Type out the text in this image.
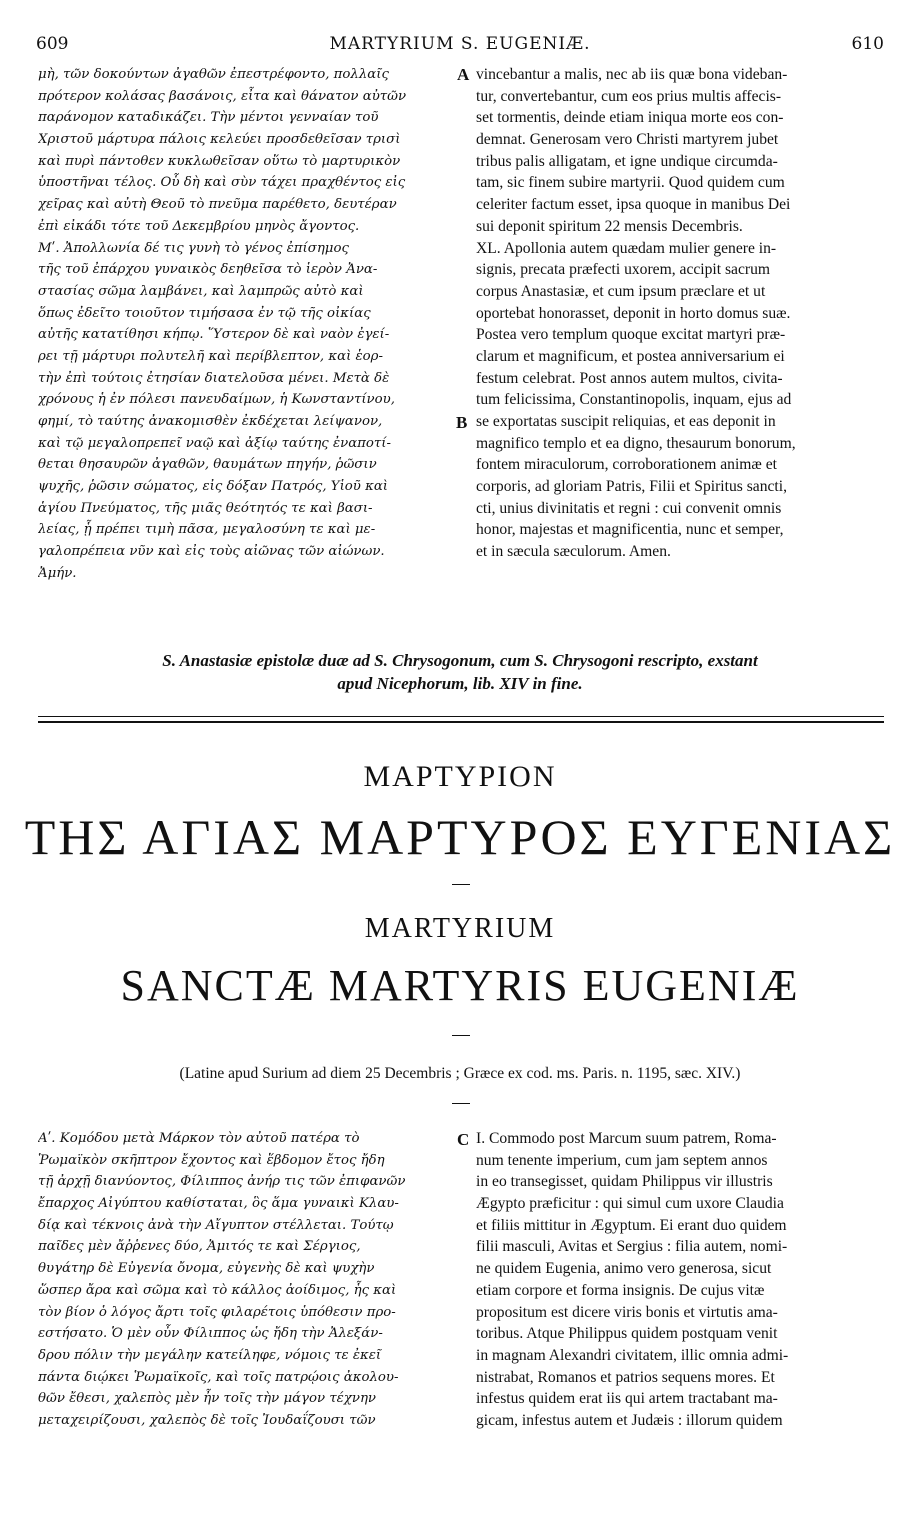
609	MARTYRIUM S. EUGENIÆ.	610
μὴ, τῶν δοκούντων ἀγαθῶν ἐπεστρέφοντο, πολλαῖς
πρότερον κολάσας βασάνοις, εἶτα καὶ θάνατον αὐτῶν
παράνομον καταδικάζει. Τὴν μέντοι γενναίαν τοῦ
Χριστοῦ μάρτυρα πάλοις κελεύει προσδεθεῖσαν τρισὶ
καὶ πυρὶ πάντοθεν κυκλωθεῖσαν οὕτω τὸ μαρτυρικὸν
ὑποστῆναι τέλος. Οὗ δὴ καὶ σὺν τάχει πραχθέντος εἰς
χεῖρας καὶ αὐτὴ Θεοῦ τὸ πνεῦμα παρέθετο, δευτέραν
ἐπὶ εἰκάδι τότε τοῦ Δεκεμβρίου μηνὸς ἄγοντος.
Μʹ. Ἀπολλωνία δέ τις γυνὴ τὸ γένος ἐπίσημος
τῆς τοῦ ἐπάρχου γυναικὸς δεηθεῖσα τὸ ἱερὸν Ἀνα-
στασίας σῶμα λαμβάνει, καὶ λαμπρῶς αὐτὸ καὶ
ὅπως ἐδεῖτο τοιοῦτον τιμήσασα ἐν τῷ τῆς οἰκίας
αὐτῆς κατατίθησι κήπῳ. Ὕστερον δὲ καὶ ναὸν ἐγεί-
ρει τῇ μάρτυρι πολυτελῆ καὶ περίβλεπτον, καὶ ἑορ-
τὴν ἐπὶ τούτοις ἐτησίαν διατελοῦσα μένει. Μετὰ δὲ
χρόνους ἡ ἐν πόλεσι πανευδαίμων, ἡ Κωνσταντίνου,
φημί, τὸ ταύτης ἀνακομισθὲν ἐκδέχεται λείψανον,
καὶ τῷ μεγαλοπρεπεῖ ναῷ καὶ ἀξίῳ ταύτης ἐναποτί-
θεται θησαυρῶν ἀγαθῶν, θαυμάτων πηγήν, ῥῶσιν
ψυχῆς, ῥῶσιν σώματος, εἰς δόξαν Πατρός, Υἱοῦ καὶ
ἁγίου Πνεύματος, τῆς μιᾶς θεότητός τε καὶ βασι-
λείας, ᾗ πρέπει τιμὴ πᾶσα, μεγαλοσύνη τε καὶ με-
γαλοπρέπεια νῦν καὶ εἰς τοὺς αἰῶνας τῶν αἰώνων.
Ἀμήν.
A
B
vincebantur a malis, nec ab iis quæ bona videban-
tur, convertebantur, cum eos prius multis affecis-
set tormentis, deinde etiam iniqua morte eos con-
demnat. Generosam vero Christi martyrem jubet
tribus palis alligatam, et igne undique circumda-
tam, sic finem subire martyrii. Quod quidem cum
celeriter factum esset, ipsa quoque in manibus Dei
sui deponit spiritum 22 mensis Decembris.
XL. Apollonia autem quædam mulier genere in-
signis, precata præfecti uxorem, accipit sacrum
corpus Anastasiæ, et cum ipsum præclare et ut
oportebat honorasset, deponit in horto domus suæ.
Postea vero templum quoque excitat martyri præ-
clarum et magnificum, et postea anniversarium ei
festum celebrat. Post annos autem multos, civita-
tum felicissima, Constantinopolis, inquam, ejus ad
se exportatas suscipit reliquias, et eas deponit in
magnifico templo et ea digno, thesaurum bonorum,
fontem miraculorum, corroborationem animæ et
corporis, ad gloriam Patris, Filii et Spiritus sancti,
cti, unius divinitatis et regni : cui convenit omnis
honor, majestas et magnificentia, nunc et semper,
et in sæcula sæculorum. Amen.
S. Anastasiæ epistolæ duæ ad S. Chrysogonum, cum S. Chrysogoni rescripto, exstant
apud Nicephorum, lib. XIV in fine.
ΜΑΡΤΥΡΙΟΝ
ΤΗΣ ΑΓΙΑΣ ΜΑΡΤΥΡΟΣ ΕΥΓΕΝΙΑΣ
MARTYRIUM
SANCTÆ MARTYRIS EUGENIÆ
(Latine apud Surium ad diem 25 Decembris ; Græce ex cod. ms. Paris. n. 1195, sæc. XIV.)
Αʹ. Κομόδου μετὰ Μάρκον τὸν αὐτοῦ πατέρα τὸ
Ῥωμαϊκὸν σκῆπτρον ἔχοντος καὶ ἕβδομον ἔτος ἤδη
τῇ ἀρχῇ διανύοντος, Φίλιππος ἀνήρ τις τῶν ἐπιφανῶν
ἔπαρχος Αἰγύπτου καθίσταται, ὃς ἅμα γυναικὶ Κλαυ-
δίᾳ καὶ τέκνοις ἀνὰ τὴν Αἴγυπτον στέλλεται. Τούτῳ
παῖδες μὲν ἄῤῥενες δύο, Ἀμιτός τε καὶ Σέργιος,
θυγάτηρ δὲ Εὐγενία ὄνομα, εὐγενὴς δὲ καὶ ψυχὴν
ὥσπερ ἄρα καὶ σῶμα καὶ τὸ κάλλος ἀοίδιμος, ἧς καὶ
τὸν βίον ὁ λόγος ἄρτι τοῖς φιλαρέτοις ὑπόθεσιν προ-
εστήσατο. Ὁ μὲν οὖν Φίλιππος ὡς ἤδη τὴν Ἀλεξάν-
δρου πόλιν τὴν μεγάλην κατείληφε, νόμοις τε ἐκεῖ
πάντα διῴκει Ῥωμαϊκοῖς, καὶ τοῖς πατρῴοις ἀκολου-
θῶν ἔθεσι, χαλεπὸς μὲν ἦν τοῖς τὴν μάγον τέχνην
μεταχειρίζουσι, χαλεπὸς δὲ τοῖς Ἰουδαΐζουσι τῶν
C I. Commodo post Marcum suum patrem, Roma-
num tenente imperium, cum jam septem annos
in eo transegisset, quidam Philippus vir illustris
Ægypto præficitur : qui simul cum uxore Claudia
et filiis mittitur in Ægyptum. Ei erant duo quidem
filii masculi, Avitas et Sergius : filia autem, nomi-
ne quidem Eugenia, animo vero generosa, sicut
etiam corpore et forma insignis. De cujus vitæ
propositum est dicere viris bonis et virtutis ama-
toribus. Atque Philippus quidem postquam venit
in magnam Alexandri civitatem, illic omnia admi-
nistrabat, Romanos et patrios sequens mores. Et
infestus quidem erat iis qui artem tractabant ma-
gicam, infestus autem et Judæis : illorum quidem
